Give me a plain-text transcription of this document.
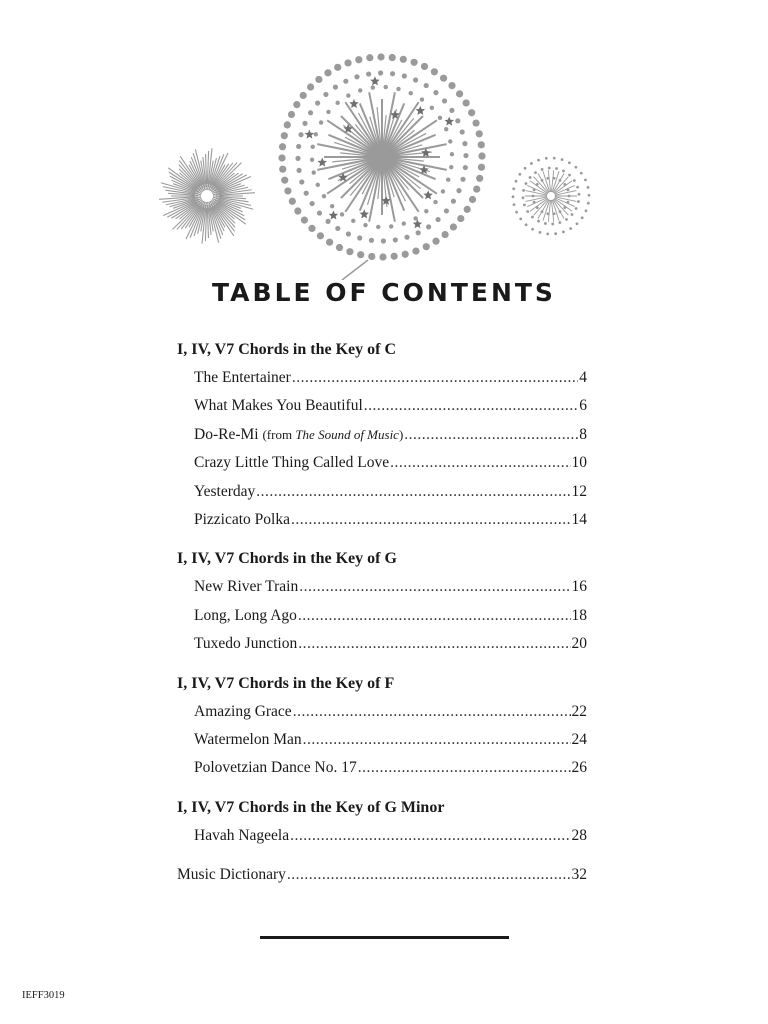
TABLE OF CONTENTS
I, IV, V7 Chords in the Key of C
The Entertainer .....	4
What Makes You Beautiful .....	6
Do-Re-Mi (from The Sound of Music) .....	8
Crazy Little Thing Called Love .....	10
Yesterday .....	12
Pizzicato Polka .....	14
I, IV, V7 Chords in the Key of G
New River Train .....	16
Long, Long Ago .....	18
Tuxedo Junction .....	20
I, IV, V7 Chords in the Key of F
Amazing Grace .....	22
Watermelon Man .....	24
Polovetzian Dance No. 17 .....	26
I, IV, V7 Chords in the Key of G Minor
Havah Nageela .....	28
Music Dictionary .....	32
IEFF3019
